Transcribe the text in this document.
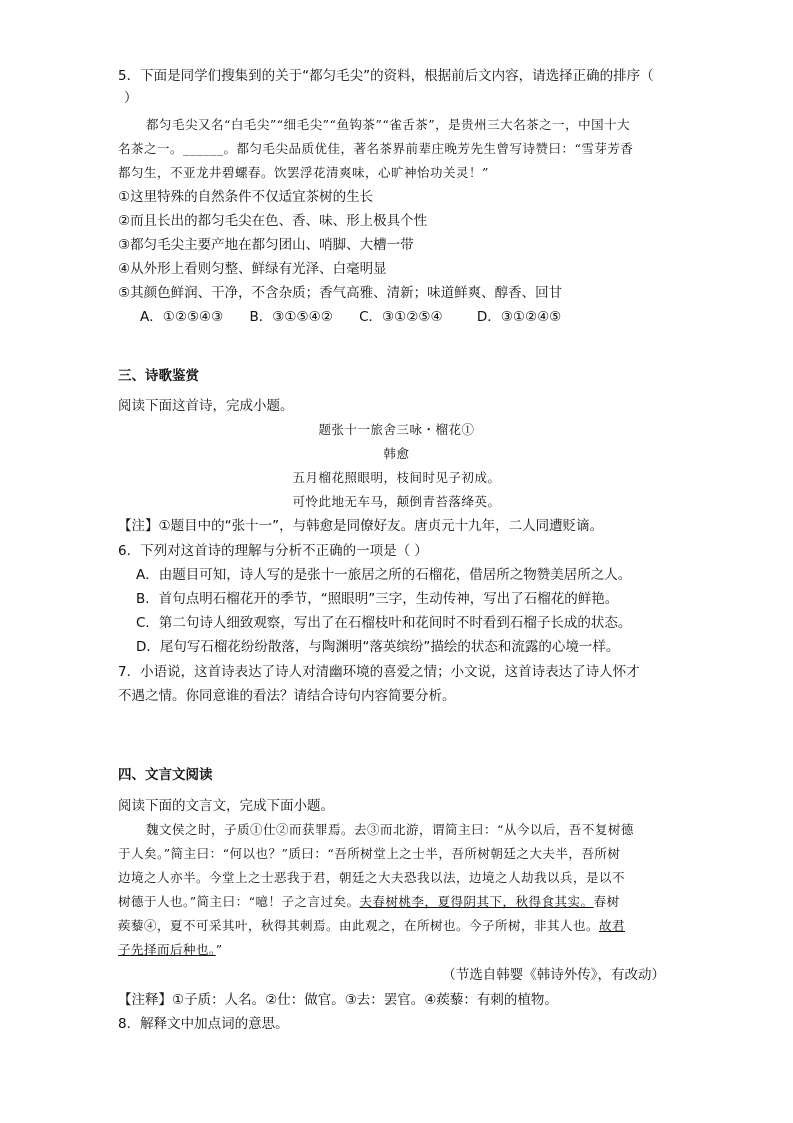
5．下面是同学们搜集到的关于“都匀毛尖”的资料，根据前后文内容，请选择正确的排序（
）
都匀毛尖又名“白毛尖”“细毛尖”“鱼钩茶”“雀舌茶”，是贵州三大名茶之一，中国十大
名茶之一。______。都匀毛尖品质优佳，著名茶界前辈庄晚芳先生曾写诗赞曰：“雪芽芳香
都匀生，不亚龙井碧螺春。饮罢浮花清爽味，心旷神怡功关灵！”
①这里特殊的自然条件不仅适宜茶树的生长
②而且长出的都匀毛尖在色、香、味、形上极具个性
③都匀毛尖主要产地在都匀团山、哨脚、大槽一带
④从外形上看则匀整、鲜绿有光泽、白毫明显
⑤其颜色鲜润、干净，不含杂质；香气高雅、清新；味道鲜爽、醇香、回甘
A．①②⑤④③ B．③①⑤④② C．③①②⑤④	D．③①②④⑤
三、诗歌鉴赏
阅读下面这首诗，完成小题。
题张十一旅舍三咏・榴花①
韩愈
五月榴花照眼明，枝间时见子初成。
可怜此地无车马，颠倒青苔落绛英。
【注】①题目中的“张十一”，与韩愈是同僚好友。唐贞元十九年，二人同遭贬谪。
6．下列对这首诗的理解与分析不正确的一项是（ ）
A．由题目可知，诗人写的是张十一旅居之所的石榴花，借居所之物赞美居所之人。
B．首句点明石榴花开的季节，“照眼明”三字，生动传神，写出了石榴花的鲜艳。
C．第二句诗人细致观察，写出了在石榴枝叶和花间时不时看到石榴子长成的状态。
D．尾句写石榴花纷纷散落，与陶渊明“落英缤纷”描绘的状态和流露的心境一样。
7．小语说，这首诗表达了诗人对清幽环境的喜爱之情；小文说，这首诗表达了诗人怀才
不遇之情。你同意谁的看法？请结合诗句内容简要分析。
四、文言文阅读
阅读下面的文言文，完成下面小题。
魏文侯之时，子质①仕②而获罪焉。去③而北游，谓简主曰：“从今以后，吾不复树德
于人矣。”简主曰：“何以也？”质曰：“吾所树堂上之士半，吾所树朝廷之大夫半，吾所树
边境之人亦半。今堂上之士恶我于君，朝廷之大夫恐我以法，边境之人劫我以兵，是以不
树德于人也。”简主曰：“噫！子之言过矣。夫春树桃李，夏得阴其下，秋得食其实。春树
蒺藜④，夏不可采其叶，秋得其刺焉。由此观之，在所树也。今子所树，非其人也。故君
子先择而后种也。”
（节选自韩婴《韩诗外传》，有改动）
【注释】①子质：人名。②仕：做官。③去：罢官。④蒺藜：有刺的植物。
8．解释文中加点词的意思。
